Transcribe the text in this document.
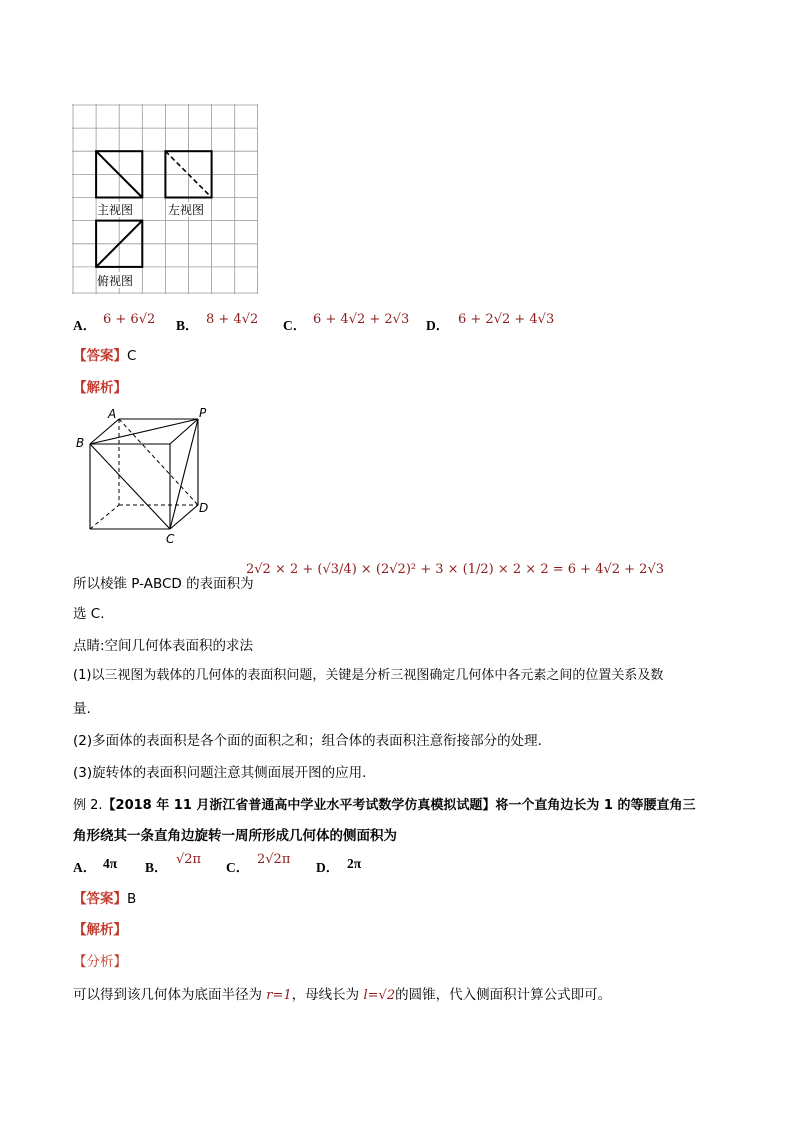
主视图	左视图
俯视图
A． 6 + 6√2 B． 8 + 4√2 C． 6 + 4√2 + 2√3 D． 6 + 2√2 + 4√3
【答案】C
【解析】
A	P
B
D
C
所以棱锥 P-ABCD 的表面积为
2√2 × 2 + (√3/4) × (2√2)² + 3 × (1/2) × 2 × 2 = 6 + 4√2 + 2√3
选 C.
点睛:空间几何体表面积的求法
(1)以三视图为载体的几何体的表面积问题，关键是分析三视图确定几何体中各元素之间的位置关系及数
量.
(2)多面体的表面积是各个面的面积之和；组合体的表面积注意衔接部分的处理.
(3)旋转体的表面积问题注意其侧面展开图的应用.
例 2.【2018 年 11 月浙江省普通高中学业水平考试数学仿真模拟试题】将一个直角边长为 1 的等腰直角三
角形绕其一条直角边旋转一周所形成几何体的侧面积为
A． 4π B．
√2π
C．
2√2π
D． 2π
【答案】B
【解析】
【分析】
可以得到该几何体为底面半径为 r=1，母线长为 l=√2的圆锥，代入侧面积计算公式即可。
